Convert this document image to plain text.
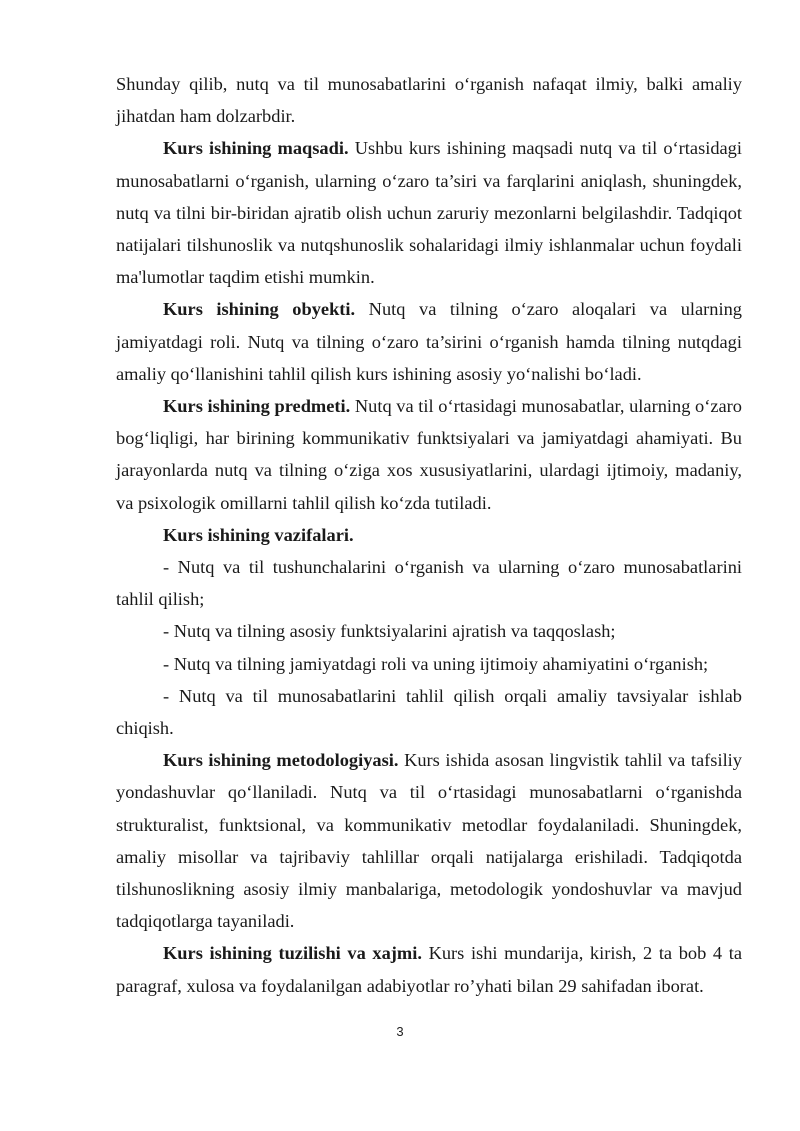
Shunday qilib, nutq va til munosabatlarini o‘rganish nafaqat ilmiy, balki amaliy jihatdan ham dolzarbdir.

Kurs ishining maqsadi. Ushbu kurs ishining maqsadi nutq va til o‘rtasidagi munosabatlarni o‘rganish, ularning o‘zaro ta’siri va farqlarini aniqlash, shuningdek, nutq va tilni bir-biridan ajratib olish uchun zaruriy mezonlarni belgilashdir. Tadqiqot natijalari tilshunoslik va nutqshunoslik sohalaridagi ilmiy ishlanmalar uchun foydali ma'lumotlar taqdim etishi mumkin.

Kurs ishining obyekti. Nutq va tilning o‘zaro aloqalari va ularning jamiyatdagi roli. Nutq va tilning o‘zaro ta’sirini o‘rganish hamda tilning nutqdagi amaliy qo‘llanishini tahlil qilish kurs ishining asosiy yo‘nalishi bo‘ladi.

Kurs ishining predmeti. Nutq va til o‘rtasidagi munosabatlar, ularning o‘zaro bog‘liqligi, har birining kommunikativ funktsiyalari va jamiyatdagi ahamiyati. Bu jarayonlarda nutq va tilning o‘ziga xos xususiyatlarini, ulardagi ijtimoiy, madaniy, va psixologik omillarni tahlil qilish ko‘zda tutiladi.

Kurs ishining vazifalari.

- Nutq va til tushunchalarini o‘rganish va ularning o‘zaro munosabatlarini tahlil qilish;

- Nutq va tilning asosiy funktsiyalarini ajratish va taqqoslash;

- Nutq va tilning jamiyatdagi roli va uning ijtimoiy ahamiyatini o‘rganish;

- Nutq va til munosabatlarini tahlil qilish orqali amaliy tavsiyalar ishlab chiqish.

Kurs ishining metodologiyasi. Kurs ishida asosan lingvistik tahlil va tafsiliy yondashuvlar qo‘llaniladi. Nutq va til o‘rtasidagi munosabatlarni o‘rganishda strukturalist, funktsional, va kommunikativ metodlar foydalaniladi. Shuningdek, amaliy misollar va tajribaviy tahlillar orqali natijalarga erishiladi. Tadqiqotda tilshunoslikning asosiy ilmiy manbalariga, metodologik yondoshuvlar va mavjud tadqiqotlarga tayaniladi.

Kurs ishining tuzilishi va xajmi. Kurs ishi mundarija, kirish, 2 ta bob 4 ta paragraf, xulosa va foydalanilgan adabiyotlar ro’yhati bilan 29 sahifadan iborat.

3
